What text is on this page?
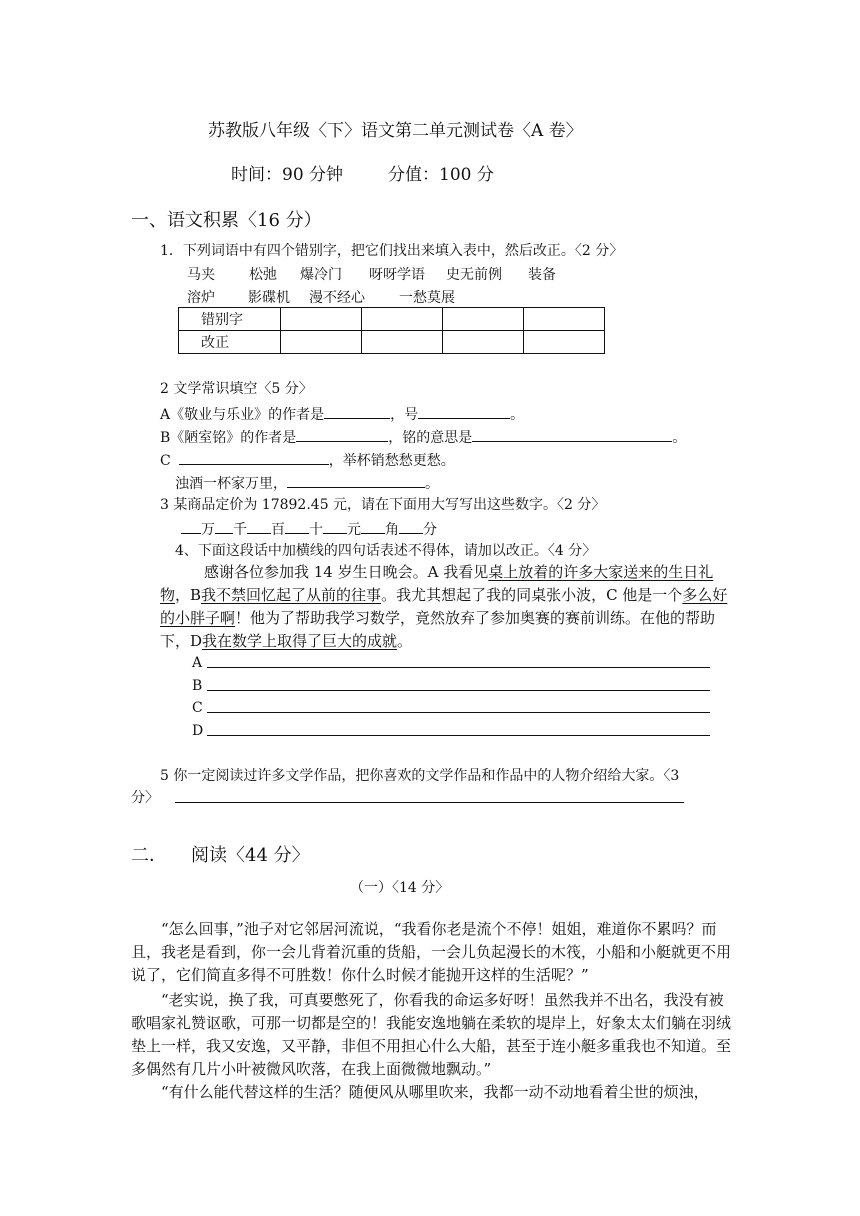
苏教版八年级〈下〉语文第二单元测试卷〈A 卷〉
时间：90 分钟	分值：100 分
一、语文积累〈16 分）
1．下列词语中有四个错别字，把它们找出来填入表中，然后改正。〈2 分〉
马夹 松弛 爆冷门 呀呀学语 史无前例 装备
溶炉 影碟机 漫不经心 一愁莫展
错别字				
改正				
2 文学常识填空〈5 分〉
A《敬业与乐业》的作者是	，号	。
B《陋室铭》的作者是	，铭的意思是	。
C	，举杯销愁愁更愁。
浊酒一杯家万里，	。
3 某商品定价为 17892.45 元，请在下面用大写写出这些数字。〈2 分〉
万 千 百 十 元 角 分
4、下面这段话中加横线的四句话表述不得体，请加以改正。〈4 分〉
感谢各位参加我 14 岁生日晚会。A 我看见桌上放着的许多大家送来的生日礼物，B我不禁回忆起了从前的往事。我尤其想起了我的同桌张小波，C 他是一个多么好的小胖子啊！他为了帮助我学习数学，竟然放弃了参加奥赛的赛前训练。在他的帮助下，D我在数学上取得了巨大的成就。
A
B
C
D
5 你一定阅读过许多文学作品，把你喜欢的文学作品和作品中的人物介绍给大家。〈3
分〉
二． 阅读〈44 分〉
（一）〈14 分〉
“怎么回事，”池子对它邻居河流说，“我看你老是流个不停！姐姐，难道你不累吗？而且，我老是看到，你一会儿背着沉重的货船，一会儿负起漫长的木筏，小船和小艇就更不用说了，它们简直多得不可胜数！你什么时候才能抛开这样的生活呢？”
“老实说，换了我，可真要憋死了，你看我的命运多好呀！虽然我并不出名，我没有被歌唱家礼赞讴歌，可那一切都是空的！我能安逸地躺在柔软的堤岸上，好象太太们躺在羽绒垫上一样，我又安逸，又平静，非但不用担心什么大船，甚至于连小艇多重我也不知道。至多偶然有几片小叶被微风吹落，在我上面微微地飘动。”
“有什么能代替这样的生活？随便风从哪里吹来，我都一动不动地看着尘世的烦浊，
